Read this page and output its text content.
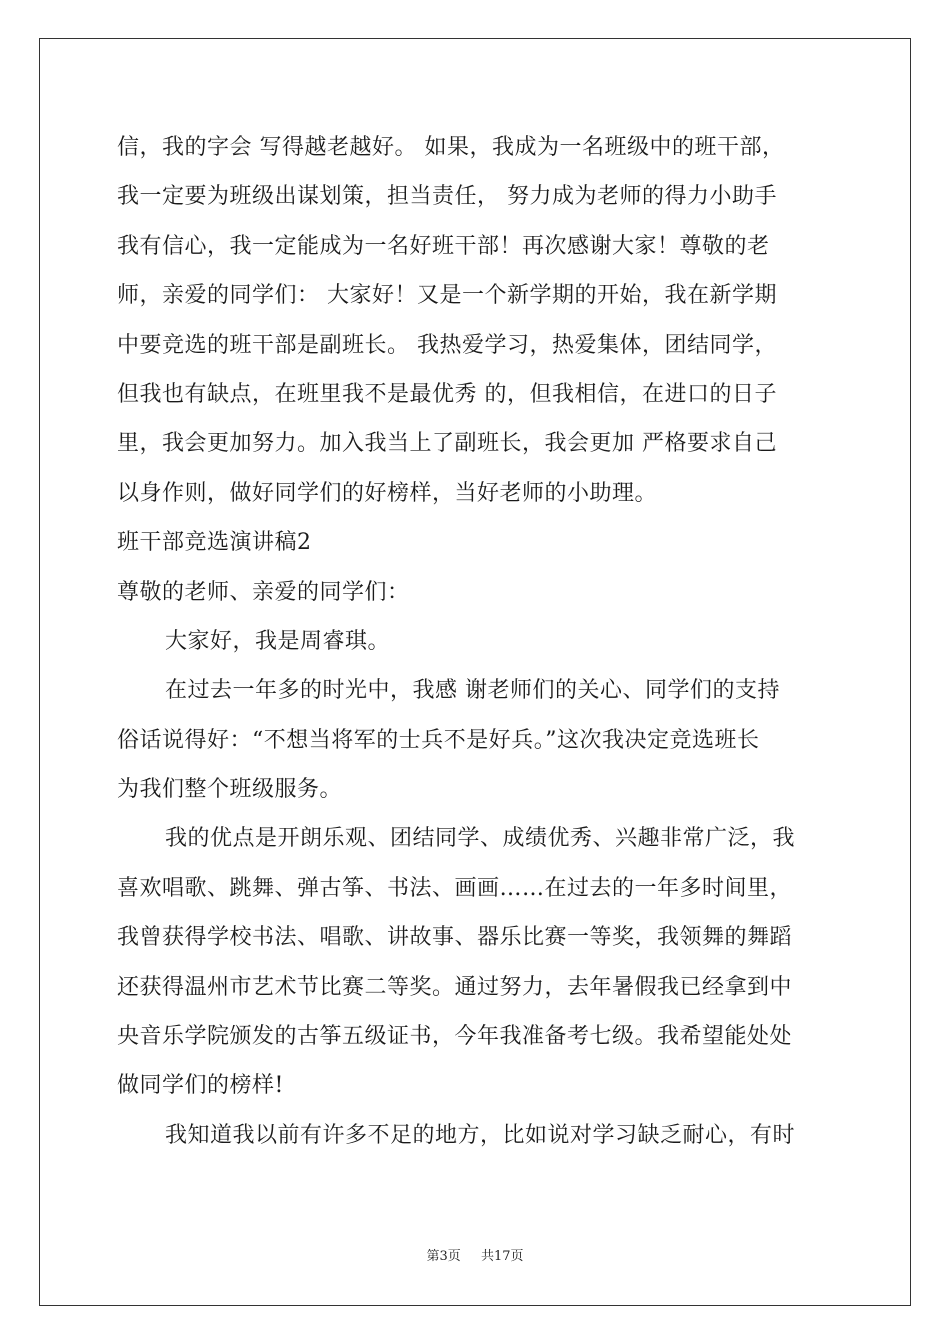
信，我的字会 写得越老越好。 如果，我成为一名班级中的班干部，
我一定要为班级出谋划策，担当责任， 努力成为老师的得力小助手
我有信心，我一定能成为一名好班干部！再次感谢大家！尊敬的老
师，亲爱的同学们： 大家好！又是一个新学期的开始，我在新学期
中要竞选的班干部是副班长。 我热爱学习，热爱集体，团结同学，
但我也有缺点，在班里我不是最优秀 的，但我相信，在进口的日子
里，我会更加努力。加入我当上了副班长，我会更加 严格要求自己
以身作则，做好同学们的好榜样，当好老师的小助理。
班干部竞选演讲稿2
尊敬的老师、亲爱的同学们：
大家好，我是周睿琪。
在过去一年多的时光中，我感 谢老师们的关心、同学们的支持
俗话说得好：“不想当将军的士兵不是好兵。”这次我决定竞选班长
为我们整个班级服务。
我的优点是开朗乐观、团结同学、成绩优秀、兴趣非常广泛，我
喜欢唱歌、跳舞、弹古筝、书法、画画……在过去的一年多时间里，
我曾获得学校书法、唱歌、讲故事、器乐比赛一等奖，我领舞的舞蹈
还获得温州市艺术节比赛二等奖。通过努力，去年暑假我已经拿到中
央音乐学院颁发的古筝五级证书，今年我准备考七级。我希望能处处
做同学们的榜样!
我知道我以前有许多不足的地方，比如说对学习缺乏耐心，有时
第3页 共17页
